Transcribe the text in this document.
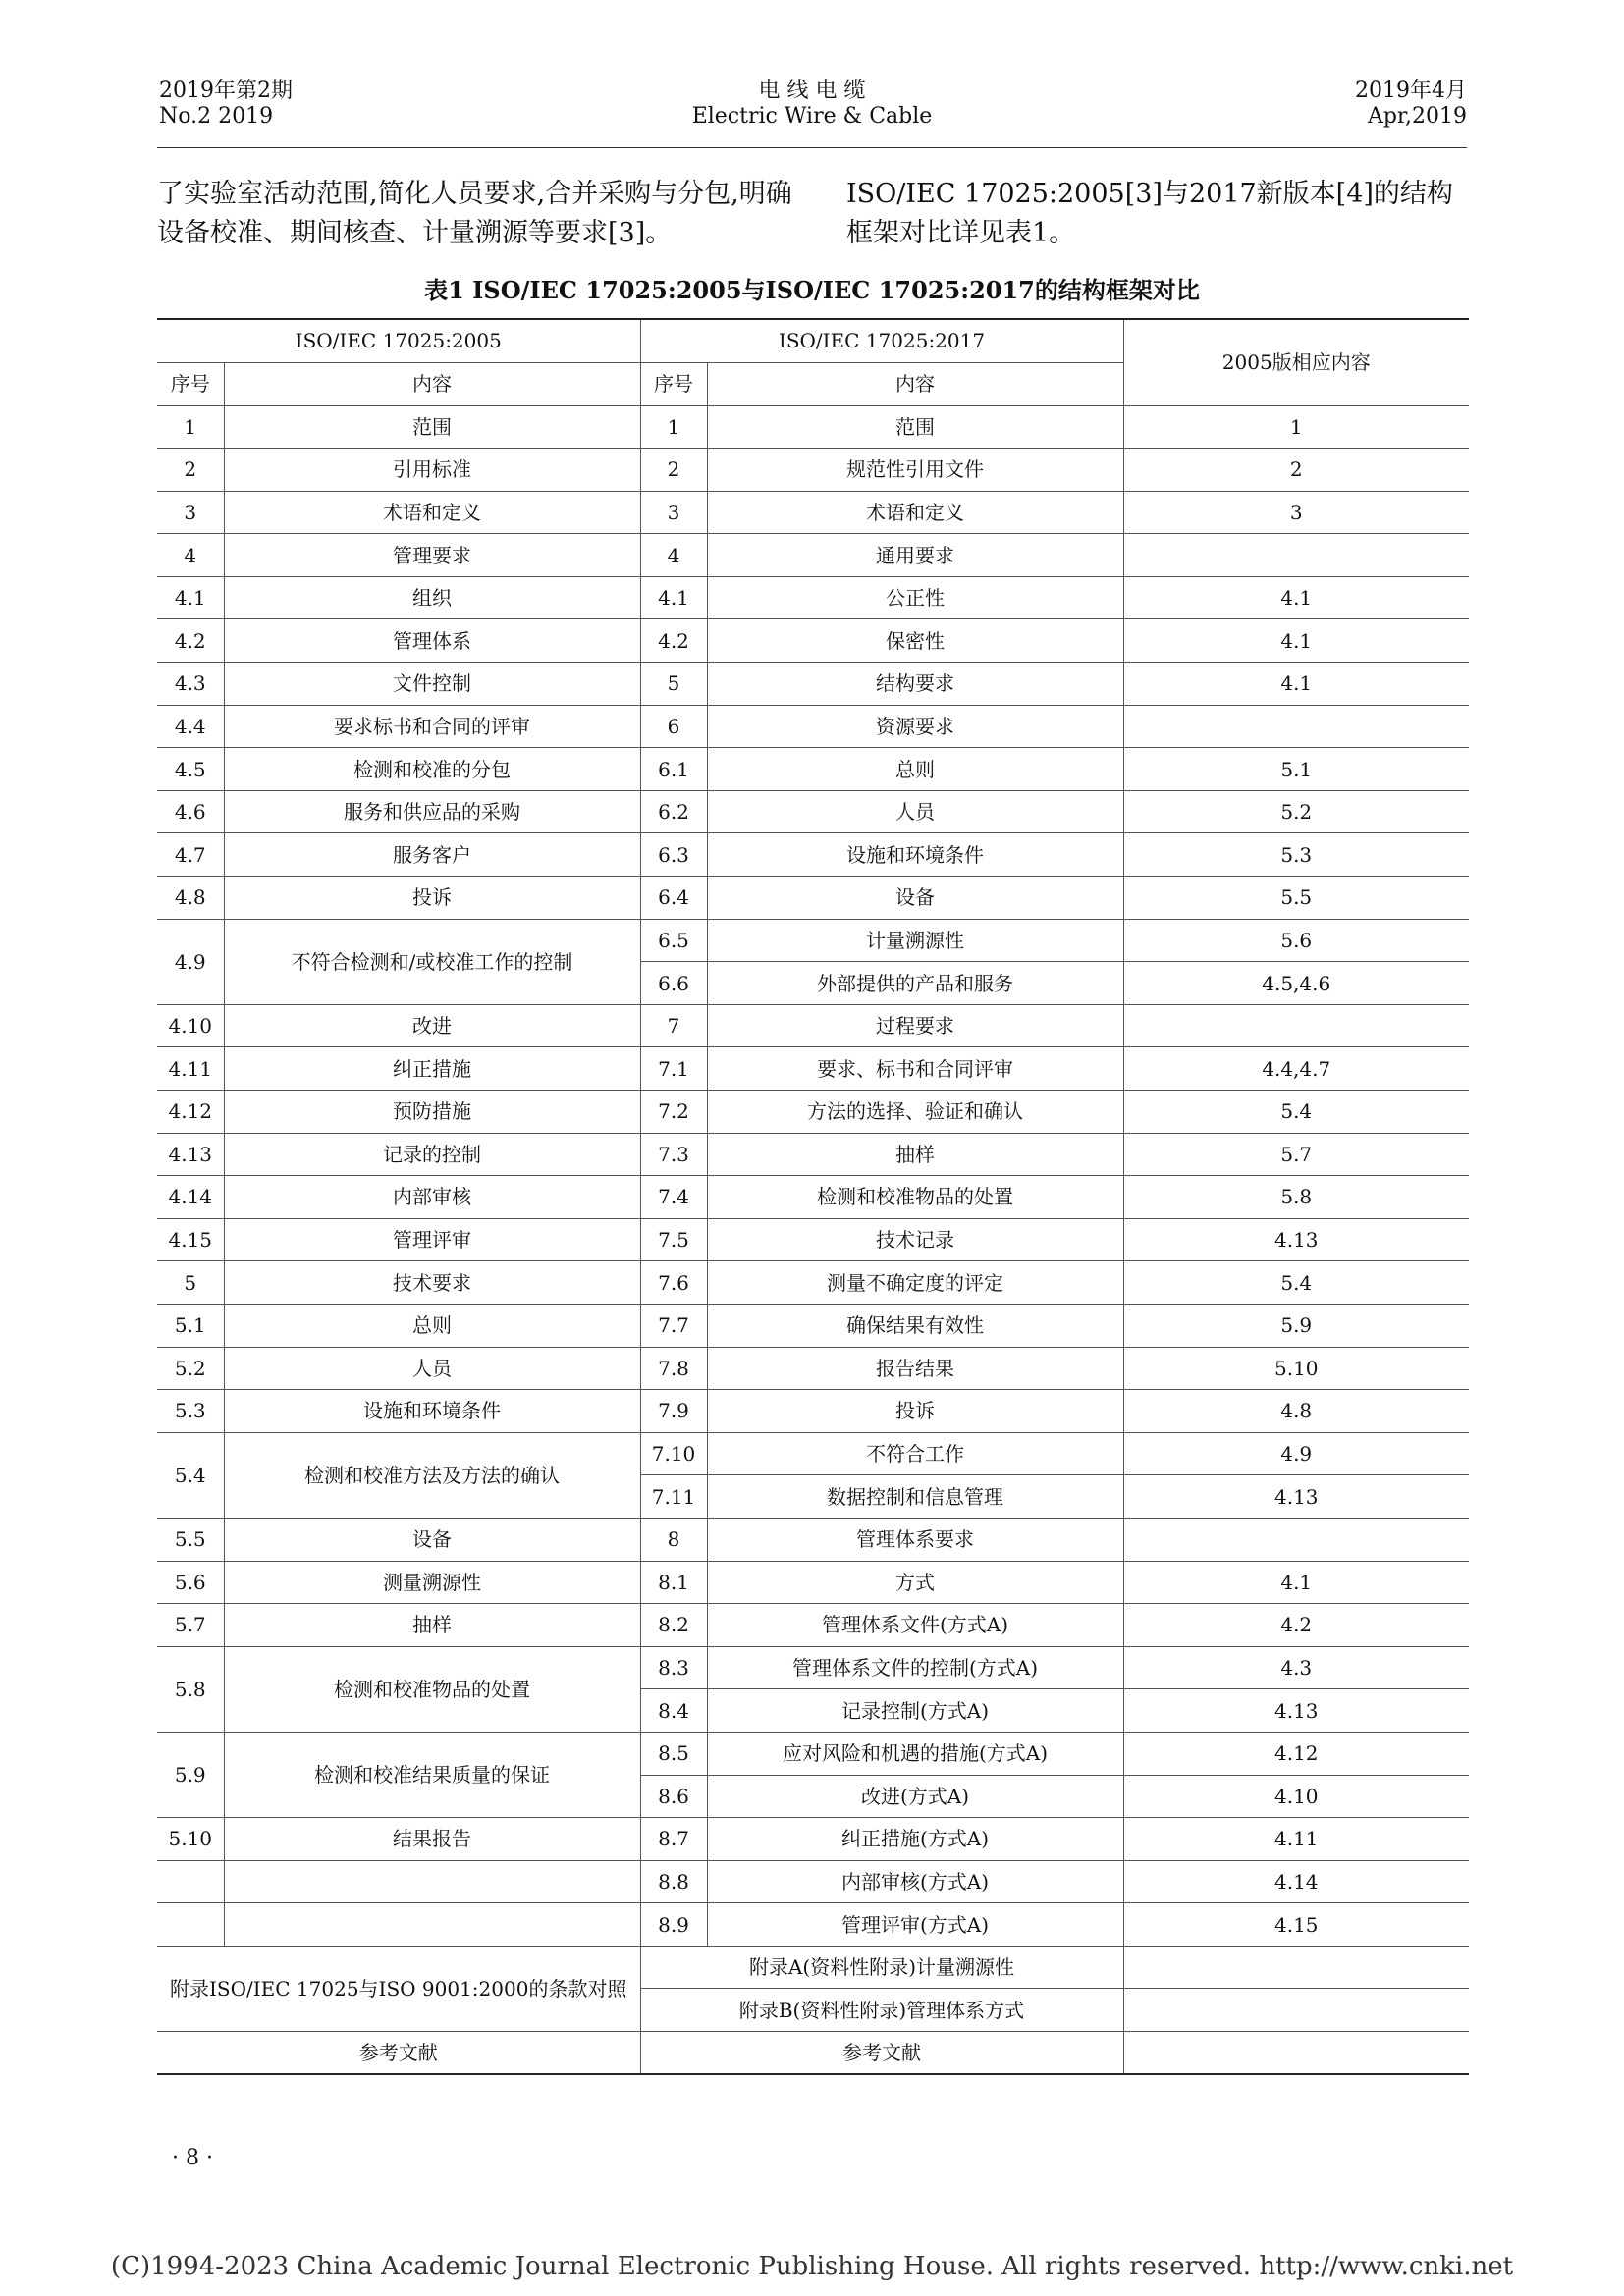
2019年第2期
No.2 2019
电 线 电 缆
Electric Wire & Cable
2019年4月
Apr,2019
了实验室活动范围,简化人员要求,合并采购与分包,明确设备校准、期间核查、计量溯源等要求[3]。
ISO/IEC 17025:2005[3]与2017新版本[4]的结构框架对比详见表1。
表1 ISO/IEC 17025:2005与ISO/IEC 17025:2017的结构框架对比
ISO/IEC 17025:2005		ISO/IEC 17025:2017		2005版相应内容
序号	内容	序号	内容	
1	范围	1	范围	1
2	引用标准	2	规范性引用文件	2
3	术语和定义	3	术语和定义	3
4	管理要求	4	通用要求	
4.1	组织	4.1	公正性	4.1
4.2	管理体系	4.2	保密性	4.1
4.3	文件控制	5	结构要求	4.1
4.4	要求标书和合同的评审	6	资源要求	
4.5	检测和校准的分包	6.1	总则	5.1
4.6	服务和供应品的采购	6.2	人员	5.2
4.7	服务客户	6.3	设施和环境条件	5.3
4.8	投诉	6.4	设备	5.5
4.9	不符合检测和/或校准工作的控制	6.5	计量溯源性	5.6
		6.6	外部提供的产品和服务	4.5,4.6
4.10	改进	7	过程要求	
4.11	纠正措施	7.1	要求、标书和合同评审	4.4,4.7
4.12	预防措施	7.2	方法的选择、验证和确认	5.4
4.13	记录的控制	7.3	抽样	5.7
4.14	内部审核	7.4	检测和校准物品的处置	5.8
4.15	管理评审	7.5	技术记录	4.13
5	技术要求	7.6	测量不确定度的评定	5.4
5.1	总则	7.7	确保结果有效性	5.9
5.2	人员	7.8	报告结果	5.10
5.3	设施和环境条件	7.9	投诉	4.8
5.4	检测和校准方法及方法的确认	7.10	不符合工作	4.9
		7.11	数据控制和信息管理	4.13
5.5	设备	8	管理体系要求	
5.6	测量溯源性	8.1	方式	4.1
5.7	抽样	8.2	管理体系文件(方式A)	4.2
5.8	检测和校准物品的处置	8.3	管理体系文件的控制(方式A)	4.3
		8.4	记录控制(方式A)	4.13
5.9	检测和校准结果质量的保证	8.5	应对风险和机遇的措施(方式A)	4.12
		8.6	改进(方式A)	4.10
5.10	结果报告	8.7	纠正措施(方式A)	4.11
		8.8	内部审核(方式A)	4.14
		8.9	管理评审(方式A)	4.15
附录ISO/IEC 17025与ISO 9001:2000的条款对照		附录A(资料性附录)计量溯源性		
		附录B(资料性附录)管理体系方式		
参考文献		参考文献		
· 8 ·
(C)1994-2023 China Academic Journal Electronic Publishing House. All rights reserved. http://www.cnki.net
